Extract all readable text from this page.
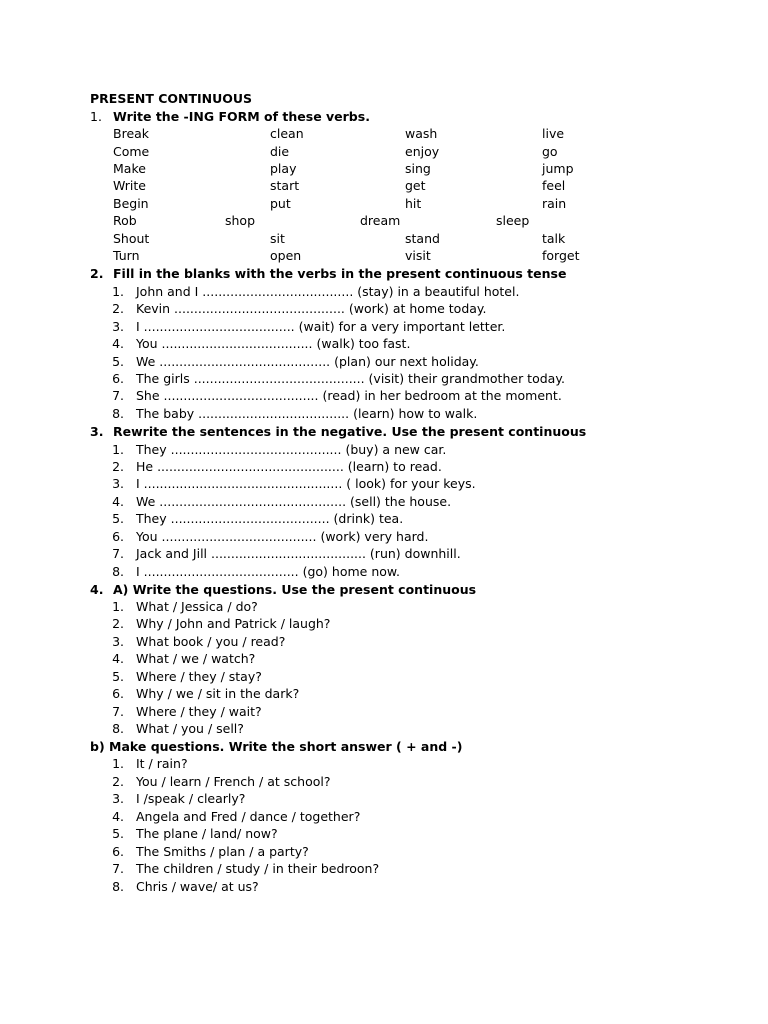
PRESENT CONTINUOUS
1. Write the -ING FORM of these verbs.
Break	clean	wash	live
Come	die	enjoy	go
Make	play	sing	jump
Write	start	get	feel
Begin	put	hit	rain
Rob	shop	dream	sleep
Shout	sit	stand	talk
Turn	open	visit	forget
2. Fill in the blanks with the verbs in the present continuous tense
1. John and I ...................................... (stay) in a beautiful hotel.
2. Kevin ........................................... (work) at home today.
3. I ...................................... (wait) for a very important letter.
4. You ...................................... (walk) too fast.
5. We ........................................... (plan) our next holiday.
6. The girls ........................................... (visit) their grandmother today.
7. She ....................................... (read) in her bedroom at the moment.
8. The baby ...................................... (learn) how to walk.
3. Rewrite the sentences in the negative. Use the present continuous
1. They ........................................... (buy) a new car.
2. He ............................................... (learn) to read.
3. I .................................................. ( look) for your keys.
4. We ............................................... (sell) the house.
5. They ........................................ (drink) tea.
6. You ....................................... (work) very hard.
7. Jack and Jill ....................................... (run) downhill.
8. I ....................................... (go) home now.
4. A) Write the questions. Use the present continuous
1. What / Jessica / do?
2. Why / John and Patrick / laugh?
3. What book / you / read?
4. What / we / watch?
5. Where / they / stay?
6. Why / we / sit in the dark?
7. Where / they / wait?
8. What / you / sell?
b) Make questions. Write the short answer ( + and -)
1. It / rain?
2. You / learn / French / at school?
3. I /speak / clearly?
4. Angela and Fred / dance / together?
5. The plane / land/ now?
6. The Smiths / plan / a party?
7. The children / study / in their bedroon?
8. Chris / wave/ at us?
